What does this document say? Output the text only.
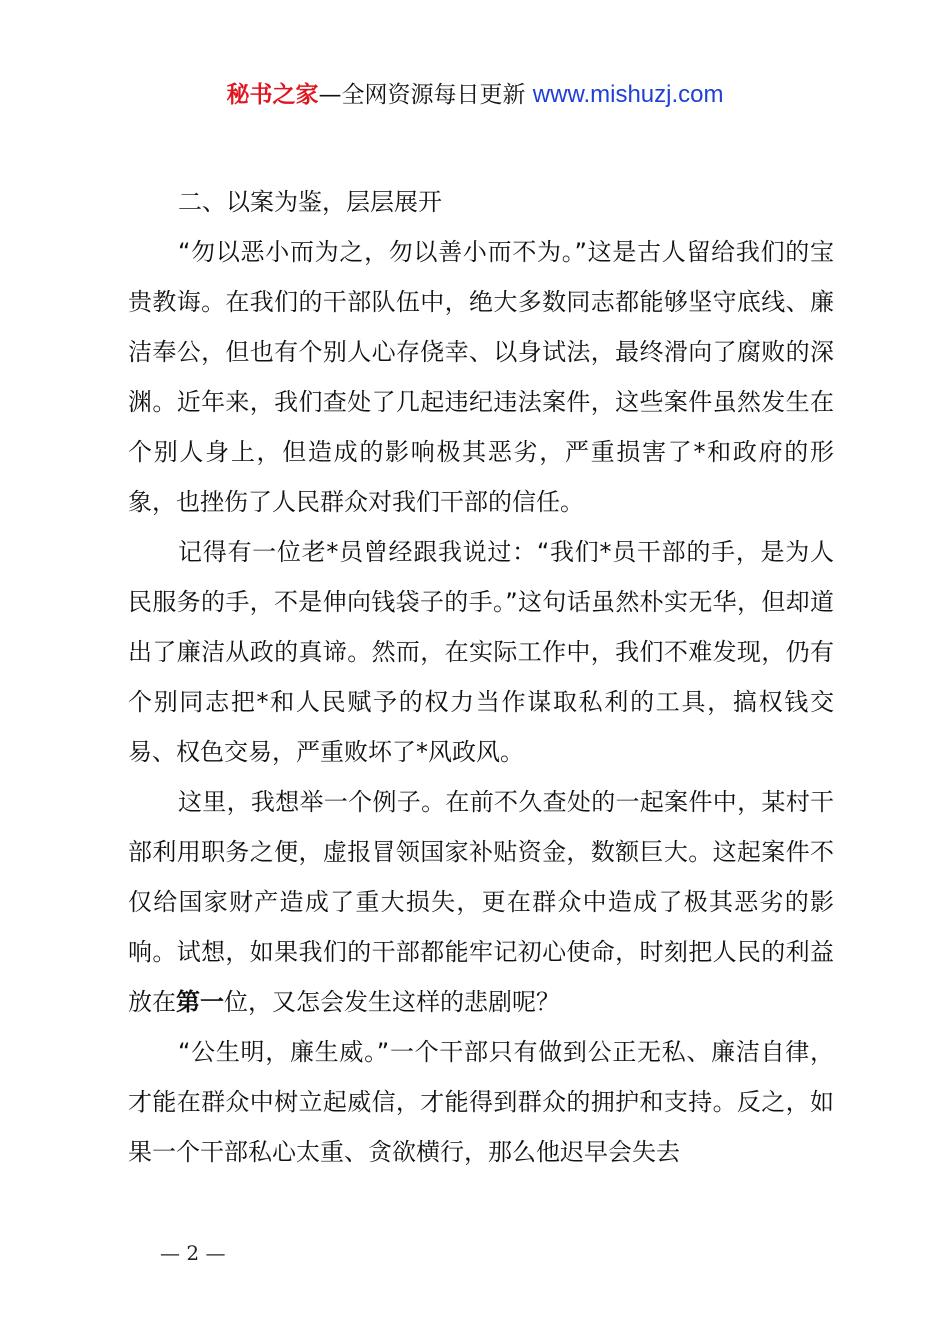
秘书之家—全网资源每日更新 www.mishuzj.com

二、以案为鉴，层层展开

“勿以恶小而为之，勿以善小而不为。”这是古人留给我们的宝贵教诲。在我们的干部队伍中，绝大多数同志都能够坚守底线、廉洁奉公，但也有个别人心存侥幸、以身试法，最终滑向了腐败的深渊。近年来，我们查处了几起违纪违法案件，这些案件虽然发生在个别人身上，但造成的影响极其恶劣，严重损害了*和政府的形象，也挫伤了人民群众对我们干部的信任。

记得有一位老*员曾经跟我说过：“我们*员干部的手，是为人民服务的手，不是伸向钱袋子的手。”这句话虽然朴实无华，但却道出了廉洁从政的真谛。然而，在实际工作中，我们不难发现，仍有个别同志把*和人民赋予的权力当作谋取私利的工具，搞权钱交易、权色交易，严重败坏了*风政风。

这里，我想举一个例子。在前不久查处的一起案件中，某村干部利用职务之便，虚报冒领国家补贴资金，数额巨大。这起案件不仅给国家财产造成了重大损失，更在群众中造成了极其恶劣的影响。试想，如果我们的干部都能牢记初心使命，时刻把人民的利益放在第一位，又怎会发生这样的悲剧呢？

“公生明，廉生威。”一个干部只有做到公正无私、廉洁自律，才能在群众中树立起威信，才能得到群众的拥护和支持。反之，如果一个干部私心太重、贪欲横行，那么他迟早会失去

— 2 —
